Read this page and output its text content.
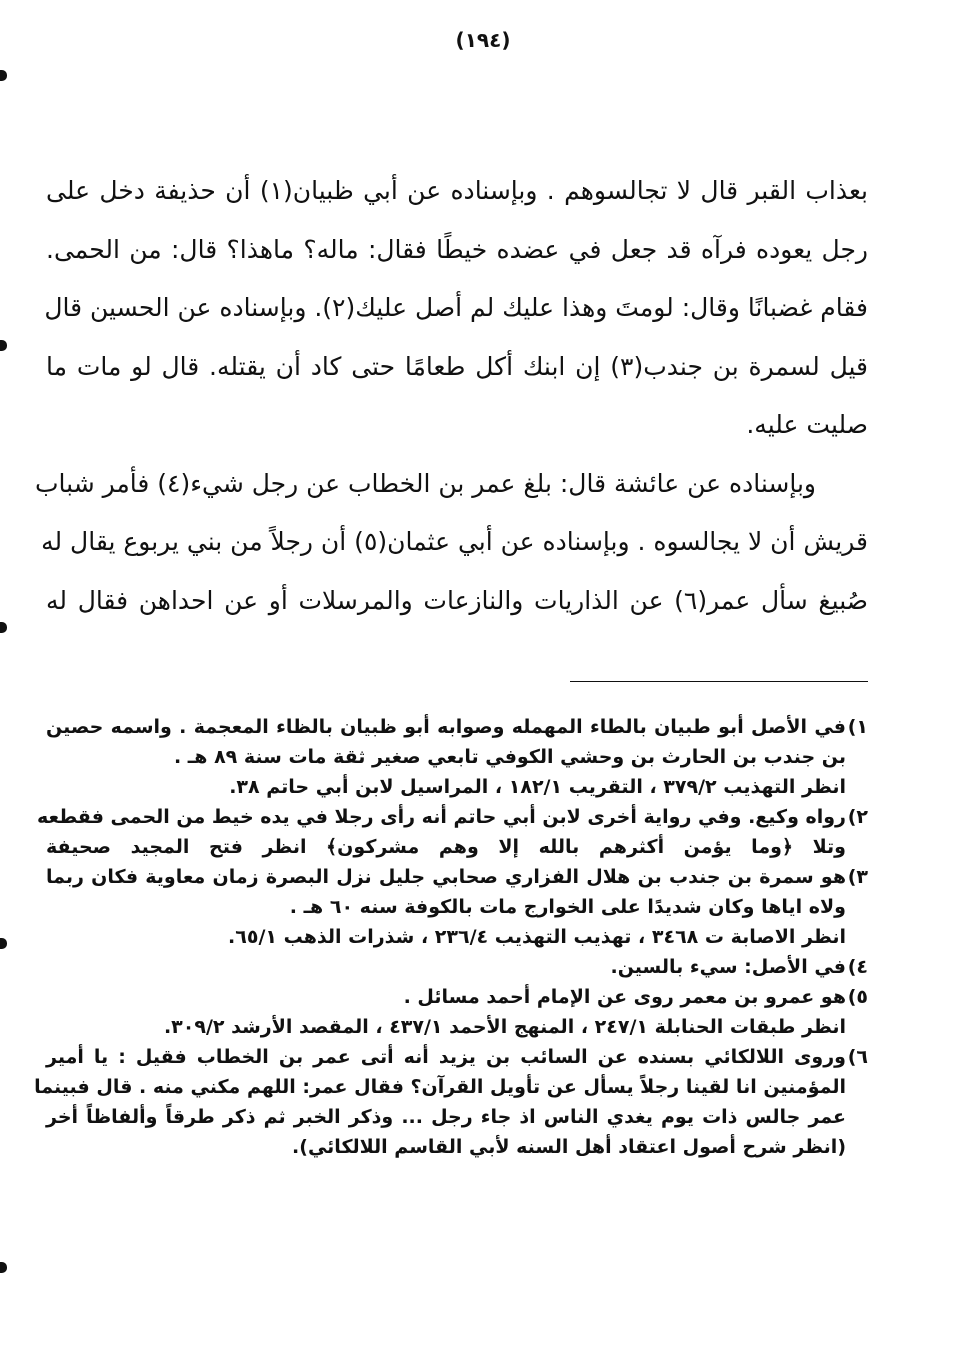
(١٩٤)
بعذاب القبر قال لا تجالسوهم . وبإسناده عن أبي ظبيان(١) أن حذيفة دخل على
رجل يعوده فرآه قد جعل في عضده خيطًا فقال: ماله؟ ماهذا؟ قال: من الحمى.
فقام غضبانًا وقال: لومتَ وهذا عليك لم أصل عليك(٢). وبإسناده عن الحسين قال
قيل لسمرة بن جندب(٣) إن ابنك أكل طعامًا حتى كاد أن يقتله. قال لو مات ما
صليت عليه.
وبإسناده عن عائشة قال: بلغ عمر بن الخطاب عن رجل شيء(٤) فأمر شباب
قريش أن لا يجالسوه . وبإسناده عن أبي عثمان(٥) أن رجلاً من بني يربوع يقال له
صُبيغ سأل عمر(٦) عن الذاريات والنازعات والمرسلات أو عن احداهن فقال له
١)في الأصل أبو طبيان بالطاء المهمله وصوابه أبو ظبيان بالظاء المعجمة . واسمه حصين
بن جندب بن الحارث بن وحشي الكوفي تابعي صغير ثقة مات سنة ٨٩ هـ .
انظر التهذيب ٣٧٩/٢ ، التقريب ١٨٢/١ ، المراسيل لابن أبي حاتم ٣٨.
٢)رواه وكيع. وفي رواية أخرى لابن أبي حاتم أنه رأى رجلا في يده خيط من الحمى فقطعه
وتلا ﴿وما يؤمن أكثرهم بالله إلا وهم مشركون﴾ انظر فتح المجيد صحيفة
٣)هو سمرة بن جندب بن هلال الفزاري صحابي جليل نزل البصرة زمان معاوية فكان ربما
ولاه اياها وكان شديدًا على الخوارج مات بالكوفة سنه ٦٠ هـ .
انظر الاصابة ت ٣٤٦٨ ، تهذيب التهذيب ٢٣٦/٤ ، شذرات الذهب ٦٥/١.
٤)في الأصل: سيء بالسين.
٥)هو عمرو بن معمر روى عن الإمام أحمد مسائل .
انظر طبقات الحنابلة ٢٤٧/١ ، المنهج الأحمد ٤٣٧/١ ، المقصد الأرشد ٣٠٩/٢.
٦)وروى اللالكائي بسنده عن السائب بن يزيد أنه أتى عمر بن الخطاب فقيل : يا أمير
المؤمنين انا لقينا رجلاً يسأل عن تأويل القرآن؟ فقال عمر: اللهم مكني منه . قال فبينما
عمر جالس ذات يوم يغدي الناس اذ جاء رجل ... وذكر الخبر ثم ذكر طرقاً وألفاظاً أخر
(انظر شرح أصول اعتقاد أهل السنه لأبي القاسم اللالكائي).
